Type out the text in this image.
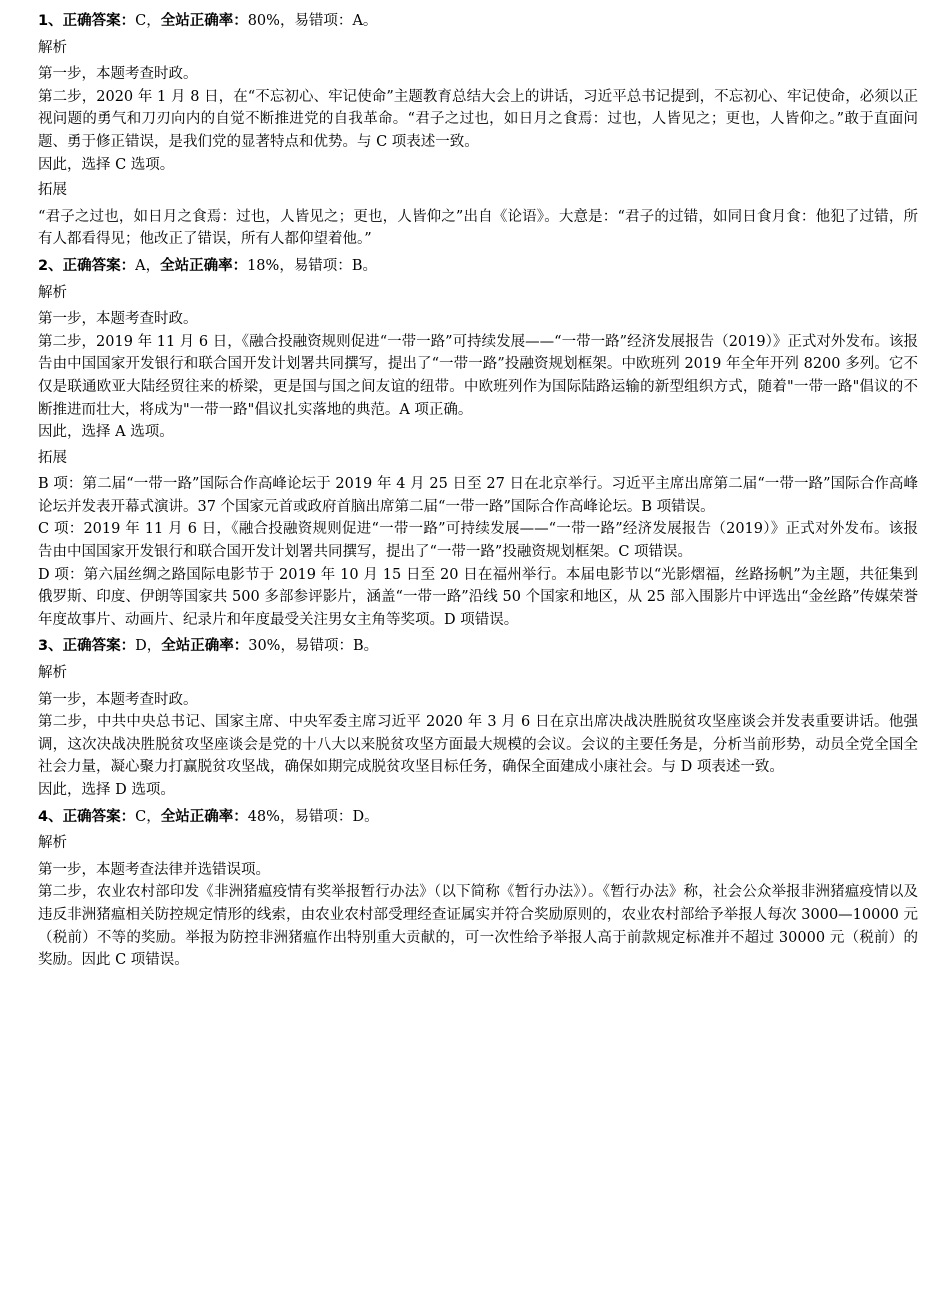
1、正确答案：C，全站正确率：80%，易错项：A。
解析

第一步，本题考查时政。

第二步，2020 年 1 月 8 日，在“不忘初心、牢记使命”主题教育总结大会上的讲话，习近平总书记提到，不忘初心、牢记使命，必须以正视问题的勇气和刀刃向内的自觉不断推进党的自我革命。“君子之过也，如日月之食焉：过也，人皆见之；更也，人皆仰之。”敢于直面问题、勇于修正错误，是我们党的显著特点和优势。与 C 项表述一致。

因此，选择 C 选项。

拓展

“君子之过也，如日月之食焉：过也，人皆见之；更也，人皆仰之”出自《论语》。大意是：“君子的过错，如同日食月食：他犯了过错，所有人都看得见；他改正了错误，所有人都仰望着他。”

2、正确答案：A，全站正确率：18%，易错项：B。
解析

第一步，本题考查时政。

第二步，2019 年 11 月 6 日，《融合投融资规则促进“一带一路”可持续发展——“一带一路”经济发展报告（2019）》正式对外发布。该报告由中国国家开发银行和联合国开发计划署共同撰写，提出了“一带一路”投融资规划框架。中欧班列 2019 年全年开列 8200 多列。它不仅是联通欧亚大陆经贸往来的桥梁，更是国与国之间友谊的纽带。中欧班列作为国际陆路运输的新型组织方式，随着"一带一路"倡议的不断推进而壮大，将成为"一带一路"倡议扎实落地的典范。A 项正确。

因此，选择 A 选项。

拓展

B 项：第二届“一带一路”国际合作高峰论坛于 2019 年 4 月 25 日至 27 日在北京举行。习近平主席出席第二届“一带一路”国际合作高峰论坛并发表开幕式演讲。37 个国家元首或政府首脑出席第二届“一带一路”国际合作高峰论坛。B 项错误。

C 项：2019 年 11 月 6 日，《融合投融资规则促进“一带一路”可持续发展——“一带一路”经济发展报告（2019）》正式对外发布。该报告由中国国家开发银行和联合国开发计划署共同撰写，提出了“一带一路”投融资规划框架。C 项错误。

D 项：第六届丝绸之路国际电影节于 2019 年 10 月 15 日至 20 日在福州举行。本届电影节以“光影熠福，丝路扬帆”为主题，共征集到俄罗斯、印度、伊朗等国家共 500 多部参评影片，涵盖“一带一路”沿线 50 个国家和地区，从 25 部入围影片中评选出“金丝路”传媒荣誉年度故事片、动画片、纪录片和年度最受关注男女主角等奖项。D 项错误。

3、正确答案：D，全站正确率：30%，易错项：B。
解析

第一步，本题考查时政。

第二步，中共中央总书记、国家主席、中央军委主席习近平 2020 年 3 月 6 日在京出席决战决胜脱贫攻坚座谈会并发表重要讲话。他强调，这次决战决胜脱贫攻坚座谈会是党的十八大以来脱贫攻坚方面最大规模的会议。会议的主要任务是，分析当前形势，动员全党全国全社会力量，凝心聚力打赢脱贫攻坚战，确保如期完成脱贫攻坚目标任务，确保全面建成小康社会。与 D 项表述一致。

因此，选择 D 选项。

4、正确答案：C，全站正确率：48%，易错项：D。
解析

第一步，本题考查法律并选错误项。

第二步，农业农村部印发《非洲猪瘟疫情有奖举报暂行办法》（以下简称《暂行办法》）。《暂行办法》称，社会公众举报非洲猪瘟疫情以及违反非洲猪瘟相关防控规定情形的线索，由农业农村部受理经查证属实并符合奖励原则的，农业农村部给予举报人每次 3000—10000 元（税前）不等的奖励。举报为防控非洲猪瘟作出特别重大贡献的，可一次性给予举报人高于前款规定标准并不超过 30000 元（税前）的奖励。因此 C 项错误。
